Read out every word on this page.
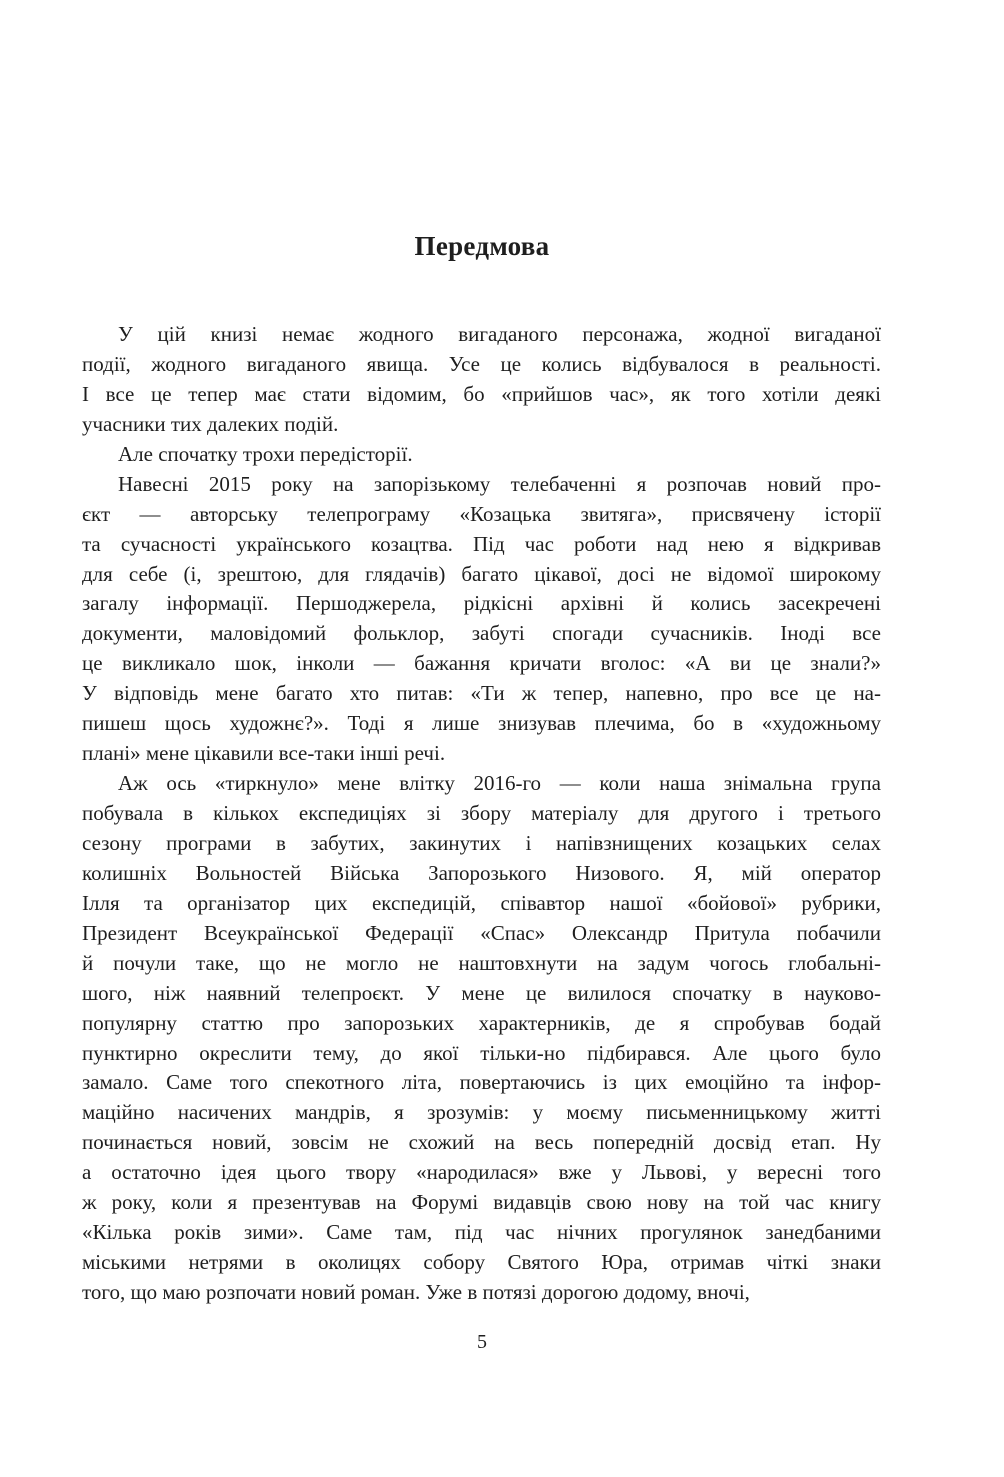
Передмова
У цій книзі немає жодного вигаданого персонажа, жодної вигаданої
події, жодного вигаданого явища. Усе це колись відбувалося в реальності.
І все це тепер має стати відомим, бо «прийшов час», як того хотіли деякі
учасники тих далеких подій.
Але спочатку трохи передісторії.
Навесні 2015 року на запорізькому телебаченні я розпочав новий про-
єкт — авторську телепрограму «Козацька звитяга», присвячену історії
та сучасності українського козацтва. Під час роботи над нею я відкривав
для себе (і, зрештою, для глядачів) багато цікавої, досі не відомої широкому
загалу інформації. Першоджерела, рідкісні архівні й колись засекречені
документи, маловідомий фольклор, забуті спогади сучасників. Іноді все
це викликало шок, інколи — бажання кричати вголос: «А ви це знали?»
У відповідь мене багато хто питав: «Ти ж тепер, напевно, про все це на-
пишеш щось художнє?». Тоді я лише знизував плечима, бо в «художньому
плані» мене цікавили все-таки інші речі.
Аж ось «тиркнуло» мене влітку 2016-го — коли наша знімальна група
побувала в кількох експедиціях зі збору матеріалу для другого і третього
сезону програми в забутих, закинутих і напівзнищених козацьких селах
колишніх Вольностей Війська Запорозького Низового. Я, мій оператор
Ілля та організатор цих експедицій, співавтор нашої «бойової» рубрики,
Президент Всеукраїнської Федерації «Спас» Олександр Притула побачили
й почули таке, що не могло не наштовхнути на задум чогось глобальні-
шого, ніж наявний телепроєкт. У мене це вилилося спочатку в науково-
популярну статтю про запорозьких характерників, де я спробував бодай
пунктирно окреслити тему, до якої тільки-но підбирався. Але цього було
замало. Саме того спекотного літа, повертаючись із цих емоційно та інфор-
маційно насичених мандрів, я зрозумів: у моєму письменницькому житті
починається новий, зовсім не схожий на весь попередній досвід етап. Ну
а остаточно ідея цього твору «народилася» вже у Львові, у вересні того
ж року, коли я презентував на Форумі видавців свою нову на той час книгу
«Кілька років зими». Саме там, під час нічних прогулянок занедбаними
міськими нетрями в околицях собору Святого Юра, отримав чіткі знаки
того, що маю розпочати новий роман. Уже в потязі дорогою додому, вночі,
5
